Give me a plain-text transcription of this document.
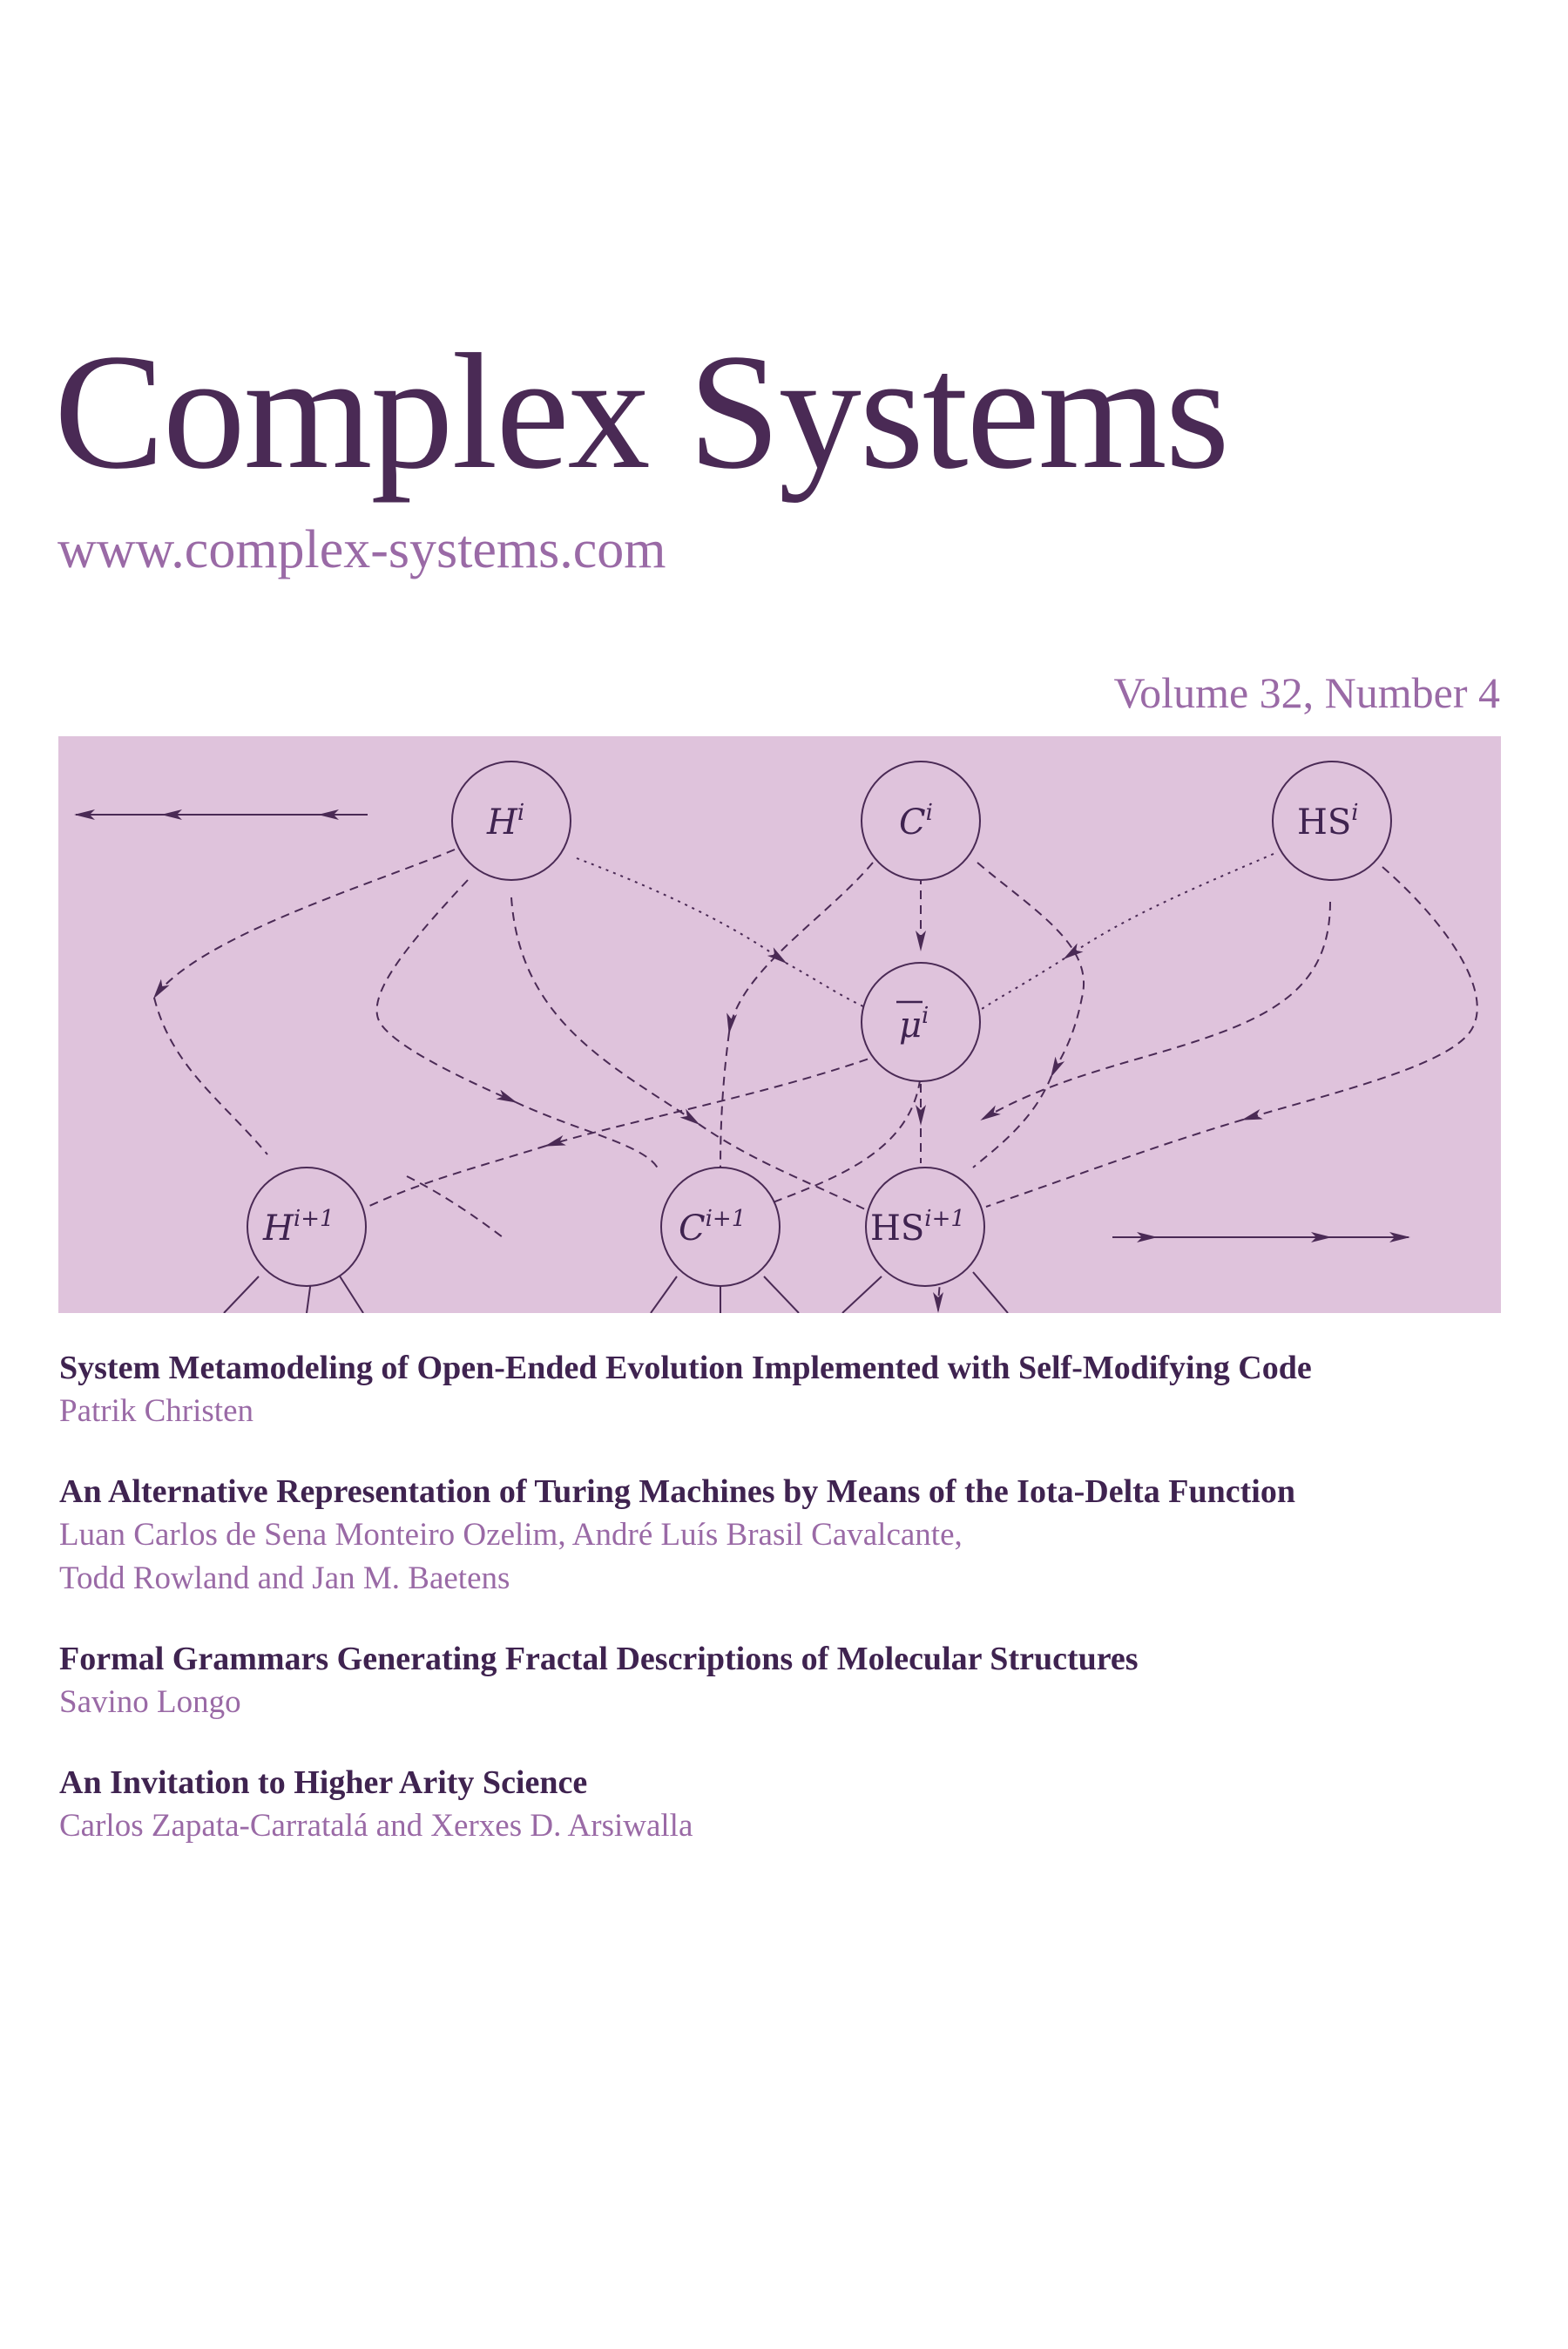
Complex Systems
www.complex-systems.com
Volume 32, Number 4
$H^i$	$C^i$	$HS^i$
$\mu^i$
$H^{i+1}$	$C^{i+1}$	$HS^{i+1}$
System Metamodeling of Open-Ended Evolution Implemented with Self-Modifying Code
Patrik Christen
An Alternative Representation of Turing Machines by Means of the Iota-Delta Function
Luan Carlos de Sena Monteiro Ozelim, André Luís Brasil Cavalcante,
Todd Rowland and Jan M. Baetens
Formal Grammars Generating Fractal Descriptions of Molecular Structures
Savino Longo
An Invitation to Higher Arity Science
Carlos Zapata-Carratalá and Xerxes D. Arsiwalla
